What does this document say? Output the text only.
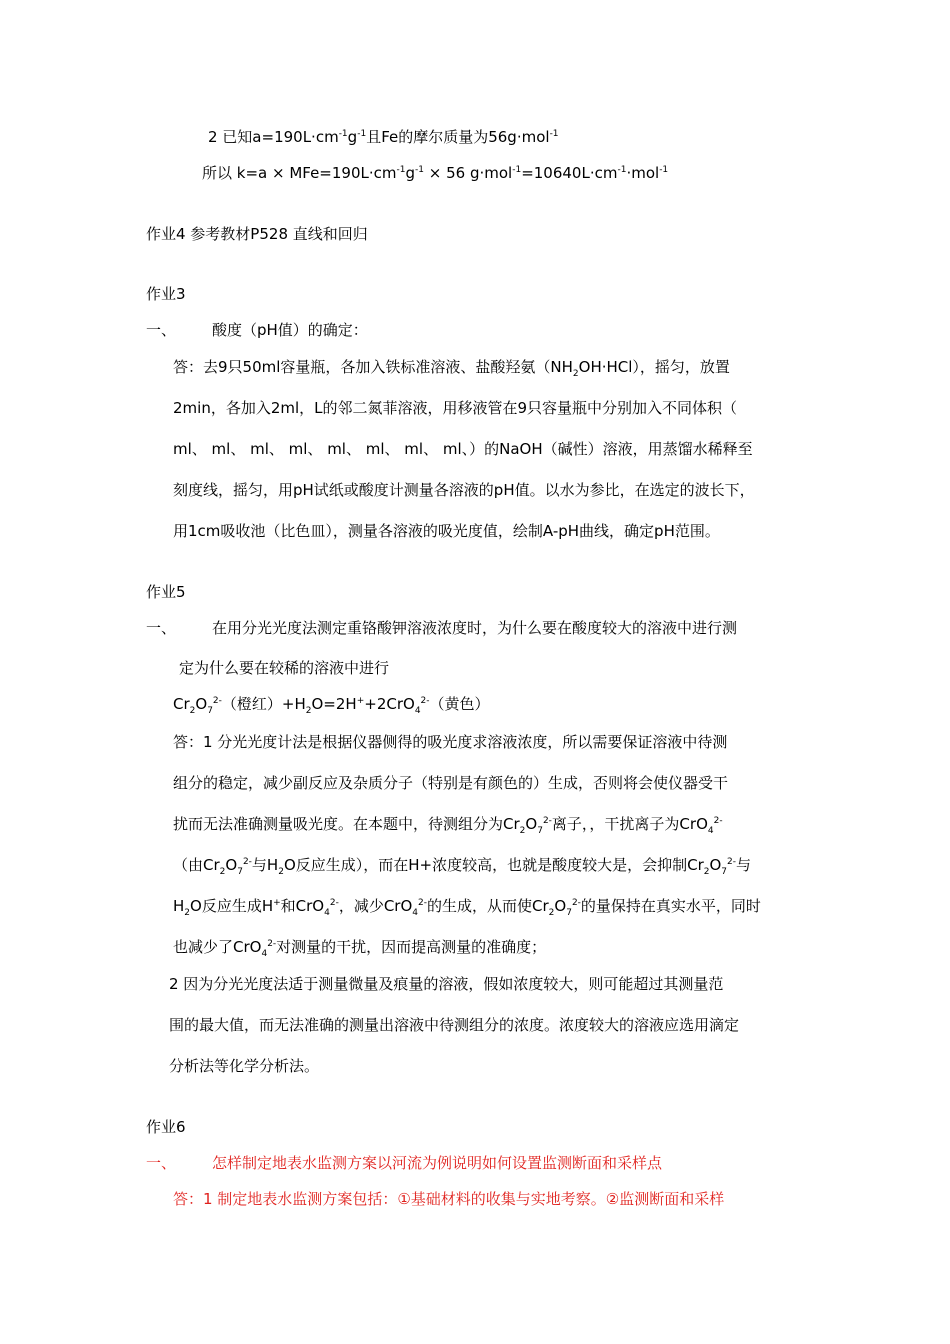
2 已知$a=190L\cdot cm^{-1}g^{-1}$且Fe的摩尔质量为56g·mol$^{-1}$
所以 $k=a \times MFe=190L\cdot cm^{-1}g^{-1} \times 56$ $g\cdot mol^{-1}=10640L\cdot cm^{-1}\cdot mol^{-1}$
作业4 参考教材P528 直线和回归
作业3
一、 酸度（pH值）的确定：
答：去9只50ml容量瓶，各加入铁标准溶液、盐酸羟氨$(NH_2OH\cdot HCl)$，摇匀，放置
2min，各加入2ml，L的邻二氮菲溶液，用移液管在9只容量瓶中分别加入不同体积（
ml、 ml、 ml、 ml、 ml、 ml、 ml、 ml、）的NaOH（碱性）溶液，用蒸馏水稀释至
刻度线，摇匀，用pH试纸或酸度计测量各溶液的pH值。以水为参比，在选定的波长下，
用1cm吸收池（比色皿），测量各溶液的吸光度值，绘制A-pH曲线，确定pH范围。
作业5
一、 在用分光光度法测定重铬酸钾溶液浓度时，为什么要在酸度较大的溶液中进行测
定为什么要在较稀的溶液中进行
$Cr_2O_7^{2-}$（橙红）$+H_2O=2H^++2CrO_4^{2-}$（黄色）
答：1 分光光度计法是根据仪器侧得的吸光度求溶液浓度，所以需要保证溶液中待测
组分的稳定，减少副反应及杂质分子（特别是有颜色的）生成，否则将会使仪器受干
扰而无法准确测量吸光度。在本题中，待测组分为$Cr_2O_7^{2-}$离子，，干扰离子为CrO$_4^{2-}$
（由$Cr_2O_7^{2-}$与$H_2O$反应生成），而在H+浓度较高，也就是酸度较大是，会抑制$Cr_2O_7^{2-}$与
$H_2O$反应生成H+和CrO$_4^{2-}$，减少CrO$_4^{2-}$的生成，从而使$Cr_2O_7^{2-}$的量保持在真实水平，同时
也减少了CrO$_4^{2-}$对测量的干扰，因而提高测量的准确度；
2 因为分光光度法适于测量微量及痕量的溶液，假如浓度较大，则可能超过其测量范
围的最大值，而无法准确的测量出溶液中待测组分的浓度。浓度较大的溶液应选用滴定
分析法等化学分析法。
作业6
一、 怎样制定地表水监测方案以河流为例说明如何设置监测断面和采样点
答：1 制定地表水监测方案包括：①基础材料的收集与实地考察。②监测断面和采样
